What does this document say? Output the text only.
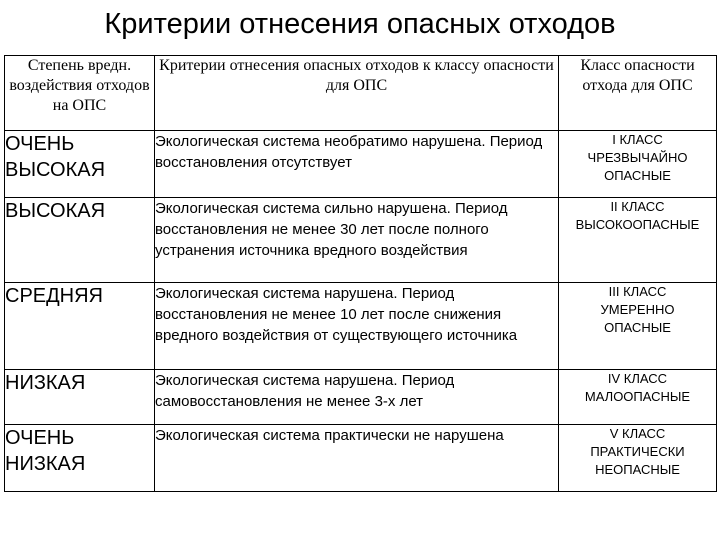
Критерии отнесения опасных отходов
Степень вредн. воздействия отходов на ОПС	Критерии отнесения опасных отходов к классу опасности для ОПС	Класс опасности отхода для ОПС
ОЧЕНЬ ВЫСОКАЯ	Экологическая система необратимо нарушена. Период восстановления отсутствует	I КЛАСС
ЧРЕЗВЫЧАЙНО
ОПАСНЫЕ

ВЫСОКАЯ	Экологическая система сильно нарушена. Период восстановления не менее 30 лет после полного устранения источника вредного воздействия	II КЛАСС
ВЫСОКООПАСНЫЕ

СРЕДНЯЯ	Экологическая система нарушена. Период восстановления не менее 10 лет после снижения вредного воздействия от существующего источника	III КЛАСС
УМЕРЕННО
ОПАСНЫЕ

НИЗКАЯ	Экологическая система нарушена. Период самовосстановления не менее 3-х лет	IV КЛАСС
МАЛООПАСНЫЕ

ОЧЕНЬ НИЗКАЯ	Экологическая система практически не нарушена	V КЛАСС
ПРАКТИЧЕСКИ
НЕОПАСНЫЕ
